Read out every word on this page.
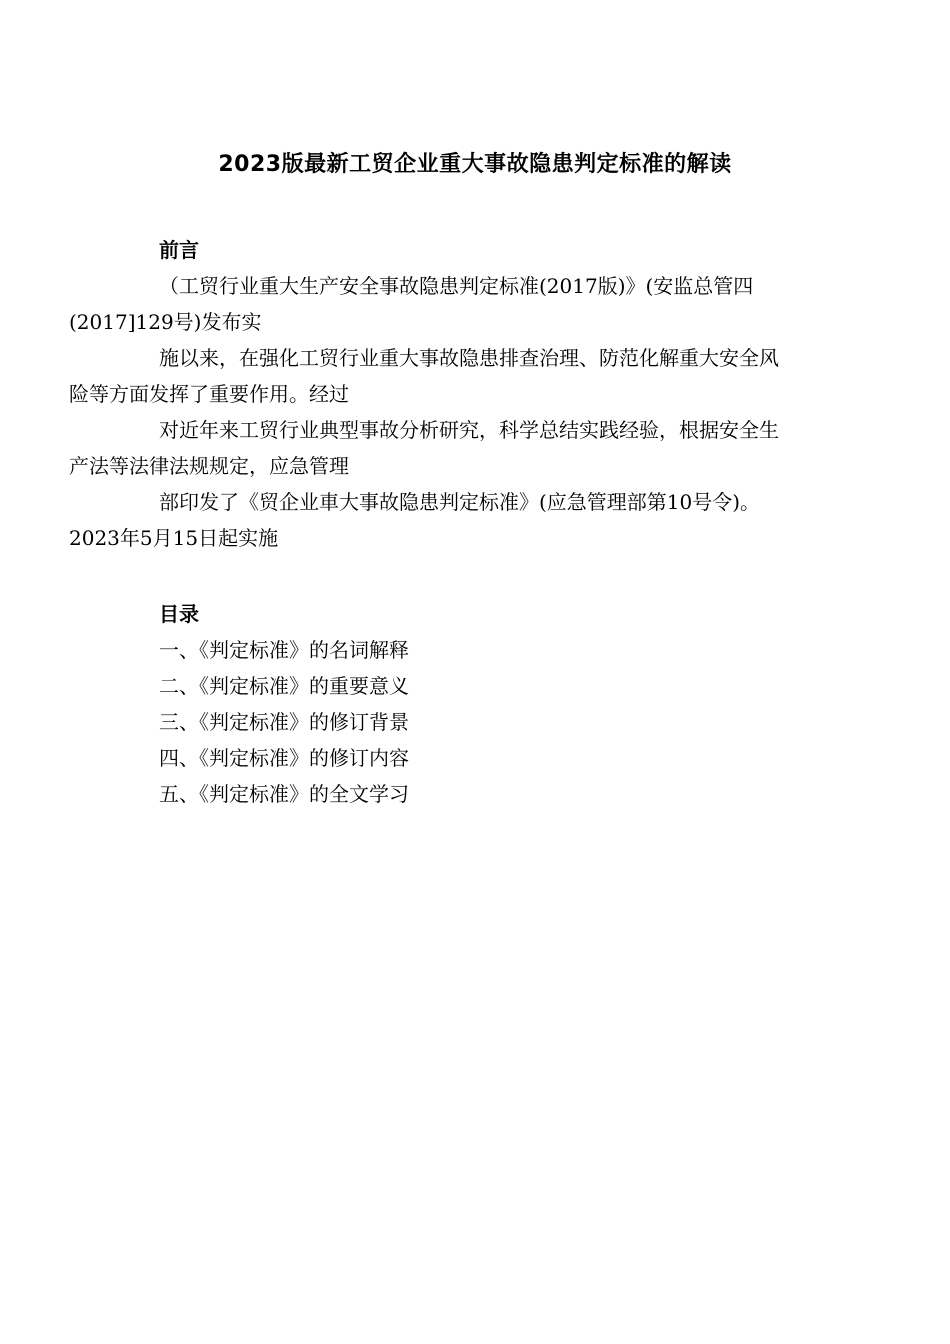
2023版最新工贸企业重大事故隐患判定标准的解读
前言

（工贸行业重大生产安全事故隐患判定标准(2017版)》(安监总管四
(2017]129号)发布实

施以来，在强化工贸行业重大事故隐患排查治理、防范化解重大安全风
险等方面发挥了重要作用。经过

对近年来工贸行业典型事故分析研究，科学总结实践经验，根据安全生
产法等法律法规规定，应急管理

部印发了《贸企业車大事故隐患判定标准》(应急管理部第10号令)。
2023年5月15日起实施

目录
一、《判定标准》的名词解释
二、《判定标准》的重要意义
三、《判定标准》的修订背景
四、《判定标准》的修订内容
五、《判定标准》的全文学习
